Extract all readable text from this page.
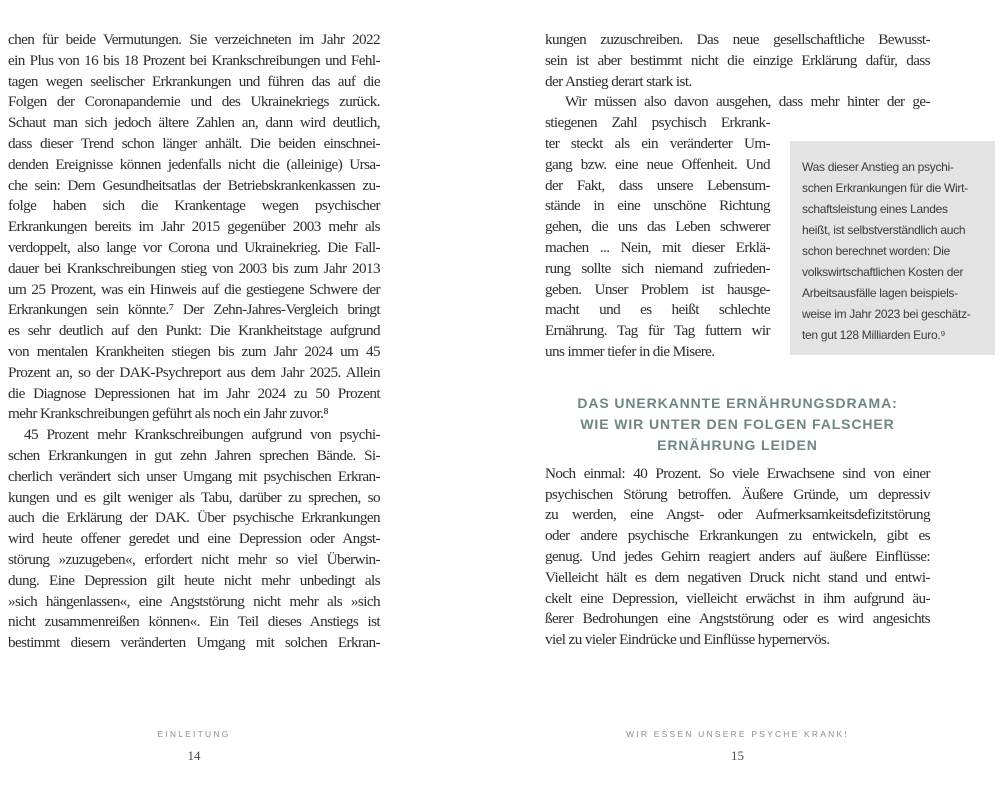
chen für beide Vermutungen. Sie verzeichneten im Jahr 2022
ein Plus von 16 bis 18 Prozent bei Krankschreibungen und Fehl-
tagen wegen seelischer Erkrankungen und führen das auf die
Folgen der Coronapandemie und des Ukrainekriegs zurück.
Schaut man sich jedoch ältere Zahlen an, dann wird deutlich,
dass dieser Trend schon länger anhält. Die beiden einschnei-
denden Ereignisse können jedenfalls nicht die (alleinige) Ursa-
che sein: Dem Gesundheitsatlas der Betriebskrankenkassen zu-
folge haben sich die Krankentage wegen psychischer
Erkrankungen bereits im Jahr 2015 gegenüber 2003 mehr als
verdoppelt, also lange vor Corona und Ukrainekrieg. Die Fall-
dauer bei Krankschreibungen stieg von 2003 bis zum Jahr 2013
um 25 Prozent, was ein Hinweis auf die gestiegene Schwere der
Erkrankungen sein könnte.⁷ Der Zehn-Jahres-Vergleich bringt
es sehr deutlich auf den Punkt: Die Krankheitstage aufgrund
von mentalen Krankheiten stiegen bis zum Jahr 2024 um 45
Prozent an, so der DAK-Psychreport aus dem Jahr 2025. Allein
die Diagnose Depressionen hat im Jahr 2024 zu 50 Prozent
mehr Krankschreibungen geführt als noch ein Jahr zuvor.⁸
45 Prozent mehr Krankschreibungen aufgrund von psychi-
schen Erkrankungen in gut zehn Jahren sprechen Bände. Si-
cherlich verändert sich unser Umgang mit psychischen Erkran-
kungen und es gilt weniger als Tabu, darüber zu sprechen, so
auch die Erklärung der DAK. Über psychische Erkrankungen
wird heute offener geredet und eine Depression oder Angst-
störung »zuzugeben«, erfordert nicht mehr so viel Überwin-
dung. Eine Depression gilt heute nicht mehr unbedingt als
»sich hängenlassen«, eine Angststörung nicht mehr als »sich
nicht zusammenreißen können«. Ein Teil dieses Anstiegs ist
bestimmt diesem veränderten Umgang mit solchen Erkran-
EINLEITUNG
14
kungen zuzuschreiben. Das neue gesellschaftliche Bewusst-
sein ist aber bestimmt nicht die einzige Erklärung dafür, dass
der Anstieg derart stark ist.
Wir müssen also davon ausgehen, dass mehr hinter der ge-
stiegenen Zahl psychisch Erkrank-
ter steckt als ein veränderter Um-
gang bzw. eine neue Offenheit. Und
der Fakt, dass unsere Lebensum-
stände in eine unschöne Richtung
gehen, die uns das Leben schwerer
machen ... Nein, mit dieser Erklä-
rung sollte sich niemand zufrieden-
geben. Unser Problem ist hausge-
macht und es heißt schlechte
Ernährung. Tag für Tag futtern wir
uns immer tiefer in die Misere.
DAS UNERKANNTE ERNÄHRUNGSDRAMA:
WIE WIR UNTER DEN FOLGEN FALSCHER
ERNÄHRUNG LEIDEN
Noch einmal: 40 Prozent. So viele Erwachsene sind von einer
psychischen Störung betroffen. Äußere Gründe, um depressiv
zu werden, eine Angst- oder Aufmerksamkeitsdefizitstörung
oder andere psychische Erkrankungen zu entwickeln, gibt es
genug. Und jedes Gehirn reagiert anders auf äußere Einflüsse:
Vielleicht hält es dem negativen Druck nicht stand und entwi-
ckelt eine Depression, vielleicht erwächst in ihm aufgrund äu-
ßerer Bedrohungen eine Angststörung oder es wird angesichts
viel zu vieler Eindrücke und Einflüsse hypernervös.
Was dieser Anstieg an psychi-
schen Erkrankungen für die Wirt-
schaftsleistung eines Landes
heißt, ist selbstverständlich auch
schon berechnet worden: Die
volkswirtschaftlichen Kosten der
Arbeitsausfälle lagen beispiels-
weise im Jahr 2023 bei geschätz-
ten gut 128 Milliarden Euro.⁹
WIR ESSEN UNSERE PSYCHE KRANK!
15
